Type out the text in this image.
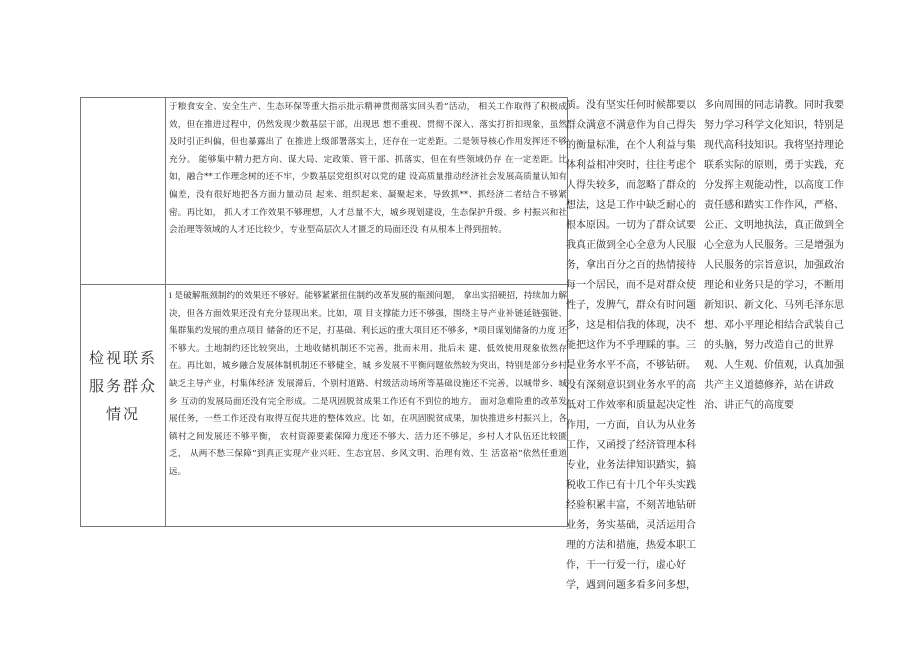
检视联系服务群众情况

于粮食安全、安全生产、生态环保等重大指示批示精神贯彻落实回头看”活动， 相关工作取得了积极成效，但在推进过程中，仍然发现少数基层干部，出现思 想不重视、贯彻不深入、落实打折扣现象，虽然及时引正纠偏，但也暴露出了 在推进上级部署落实上，还存在一定差距。二是领导核心作用发挥还不够充分。 能够集中精力把方向、谋大局、定政策、管干部、抓落实，但在有些领域仍存 在一定差距。比如，融合**工作理念树的还不牢，少数基层党组织对以党的建 设高质量推动经济社会发展高质量认知有偏差，没有很好地把各方面力量动员 起来、组织起来、凝聚起来，导致抓**、抓经济二者结合不够紧密。再比如， 抓人才工作效果不够理想，人才总量不大，城乡现划建设，生态保护升级、乡 村振兴和社会治理等领域的人才还比较少，专业型高层次人才匮乏的局面还没 有从根本上得到扭转。

i 是破解瓶颈制约的效果还不够好。能够紧紧扭住制约改革发展的瓶颈问题， 拿出实招硬招，持续加力解决，但各方面效果还没有充分显现出来。比如，项 目支撑能力还不够强，围绕主导产业补链延链强链、集群集约发展的重点项目 储备的还不足，打基础、利长远的重大项目还不够多，*项目谋划储备的力度 还不够大。土地制约还比较突出，土地收储机制还不完善，批而未用、批后未 建、低效使用现象依然存在。再比如，城乡融合发展体制机制还不够健全，城 乡发展不平衡问题依然较为突出，特别是部分乡村缺乏主导产业，村集体经济 发展滞后，个别村道路、村级活动场所等基础设施还不完善，以城带乡、城乡 互动的发展局面还没有完全形成。二是巩固脱贫成果工作还有不到位的地方。 面对急难险重的改革发展任务，一些工作还没有取得互促共进的整体效应。比 如，在巩固脱贫成果，加快推进乡村振兴上，各镇村之间发展还不够平衡， 农村资源要素保障力度还不够大、活力还不够足，乡村人才队伍还比较匮乏， 从两不愁三保障”到真正实现产业兴旺、生态宜居、乡风文明、治理有效、生 活富裕”依然任重道远。

质。没有坚实任何时候都要以群众满意不满意作为自己得失的衡量标准，在个人利益与集体利益相冲突时，往往考虑个人得失较多，而忽略了群众的想法，这是工作中缺乏耐心的根本原因。一切为了群众试要我真正做到全心全意为人民服务，拿出百分之百的热情接待每一个居民，而不是对群众使性子，发脾气，群众有时问题多，这是相信我的体现，决不能把这作为不乎理睬的事。三是业务水平不高，不够钻研。没有深刻意识到业务水平的高低对工作效率和质量起决定性作用，一方面，自认为从业务工作，又函授了经济管理本科专业，业务法律知识踏实，搞税收工作已有十几个年头实践经验积累丰富，不刻苦地钻研业务，务实基础，灵活运用合理的方法和措施，热爱本职工作，干一行爱一行，虚心好学，遇到问题多看多问多想，

多向周围的同志请教。同时我要努力学习科学文化知识，特别是现代高科技知识。我将坚持理论联系实际的原则，勇于实践，充分发挥主观能动性，以高度工作责任感和踏实工作作风，严格、公正、文明地执法，真正做到全心全意为人民服务。三是增强为人民服务的宗旨意识，加强政治理论和业务只是的学习，不断用新知识、新文化、马列毛泽东思想、邓小平理论相结合武装自己的头脑，努力改造自己的世界观、人生观、价值观，认真加强共产主义道德修养，站在讲政治、讲正气的高度要
